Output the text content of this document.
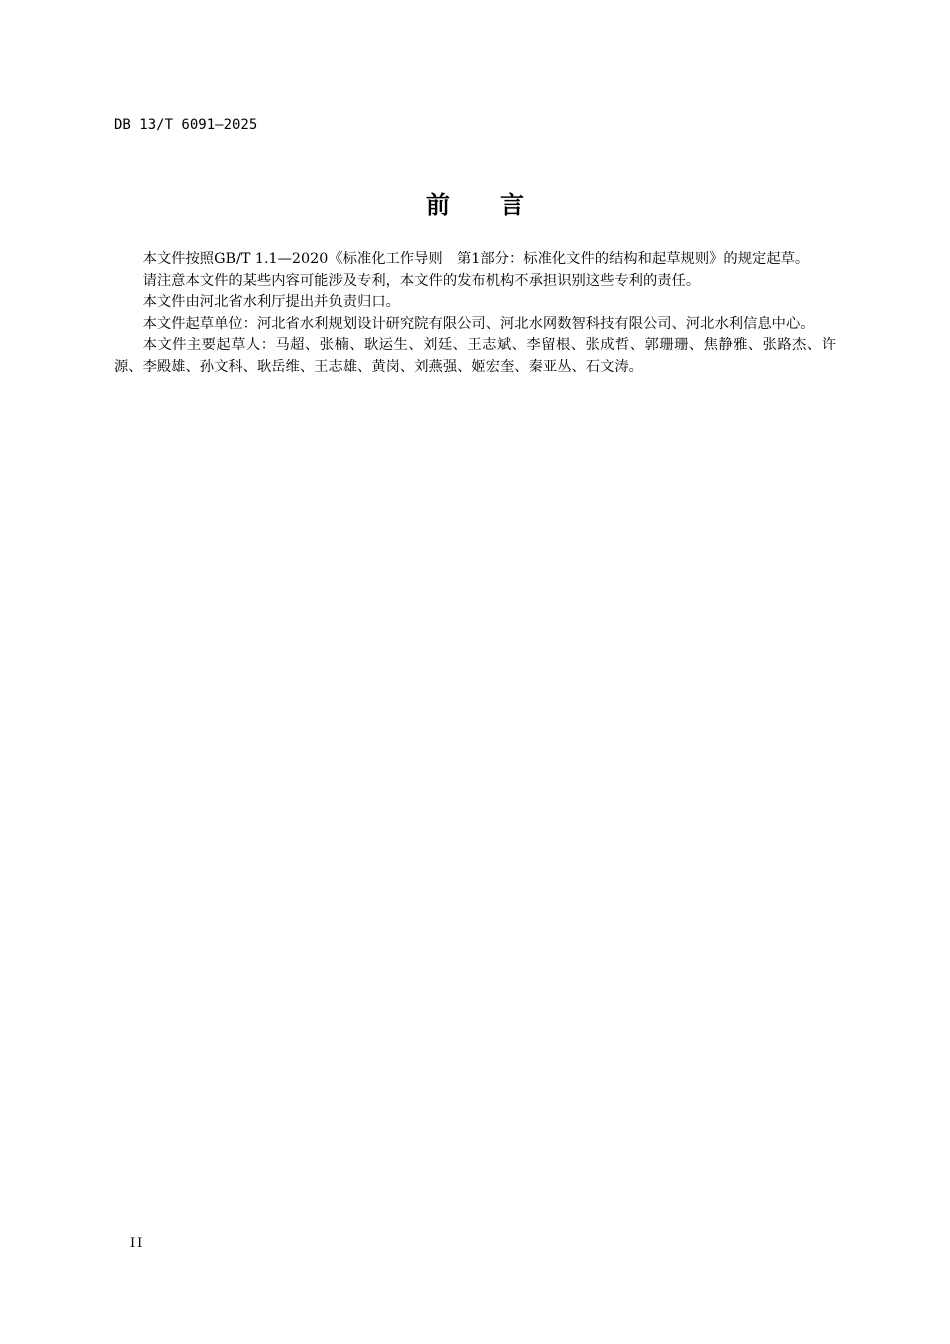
DB 13/T 6091—2025
前 言

本文件按照GB/T 1.1—2020《标准化工作导则　第1部分：标准化文件的结构和起草规则》的规定起草。

请注意本文件的某些内容可能涉及专利，本文件的发布机构不承担识别这些专利的责任。

本文件由河北省水利厅提出并负责归口。

本文件起草单位：河北省水利规划设计研究院有限公司、河北水网数智科技有限公司、河北水利信息中心。

本文件主要起草人：马超、张楠、耿运生、刘廷、王志斌、李留根、张成哲、郭珊珊、焦静雅、张路杰、许源、李殿雄、孙文科、耿岳维、王志雄、黄岗、刘燕强、姬宏奎、秦亚丛、石文涛。

II
